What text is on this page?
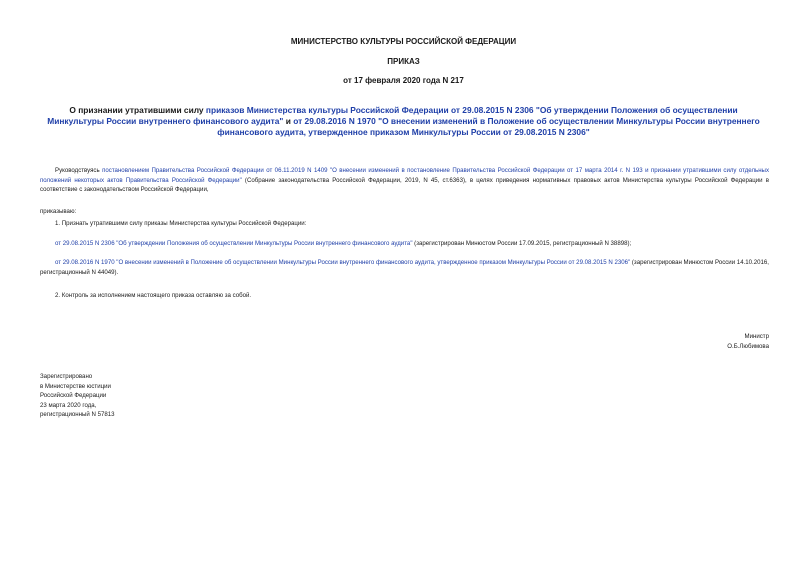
МИНИСТЕРСТВО КУЛЬТУРЫ РОССИЙСКОЙ ФЕДЕРАЦИИ
ПРИКАЗ
от 17 февраля 2020 года N 217
О признании утратившими силу приказов Министерства культуры Российской Федерации от 29.08.2015 N 2306 "Об утверждении Положения об осуществлении Минкультуры России внутреннего финансового аудита" и от 29.08.2016 N 1970 "О внесении изменений в Положение об осуществлении Минкультуры России внутреннего финансового аудита, утвержденное приказом Минкультуры России от 29.08.2015 N 2306"
Руководствуясь постановлением Правительства Российской Федерации от 06.11.2019 N 1409 "О внесении изменений в постановление Правительства Российской Федерации от 17 марта 2014 г. N 193 и признании утратившими силу отдельных положений некоторых актов Правительства Российской Федерации" (Собрание законодательства Российской Федерации, 2019, N 45, ст.6363), в целях приведения нормативных правовых актов Министерства культуры Российской Федерации в соответствие с законодательством Российской Федерации,
приказываю:
1. Признать утратившими силу приказы Министерства культуры Российской Федерации:
от 29.08.2015 N 2306 "Об утверждении Положения об осуществлении Минкультуры России внутреннего финансового аудита" (зарегистрирован Минюстом России 17.09.2015, регистрационный N 38898);
от 29.08.2016 N 1970 "О внесении изменений в Положение об осуществлении Минкультуры России внутреннего финансового аудита, утвержденное приказом Минкультуры России от 29.08.2015 N 2306" (зарегистрирован Минюстом России 14.10.2016, регистрационный N 44049).
2. Контроль за исполнением настоящего приказа оставляю за собой.
Министр
О.Б.Любимова
Зарегистрировано
в Министерстве юстиции
Российской Федерации
23 марта 2020 года,
регистрационный N 57813
